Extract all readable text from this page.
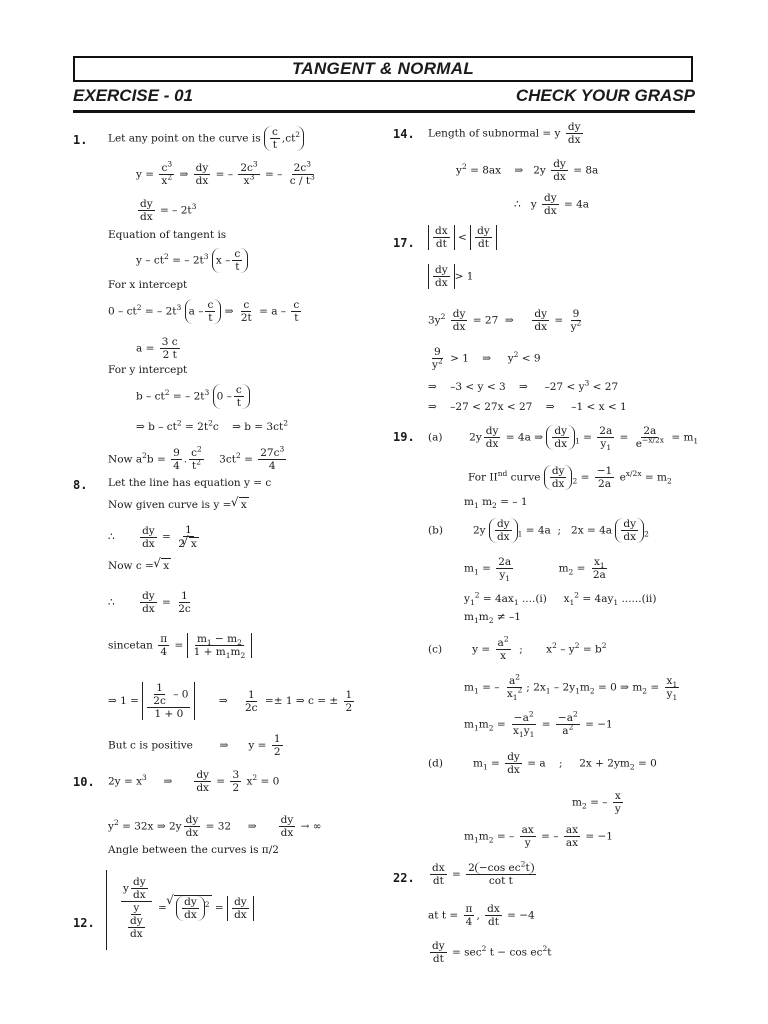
TANGENT & NORMAL
EXERCISE - 01	CHECK YOUR GRASP
1. Let any point on the curve is $\frac{c}{t} ,ct^2$
$y = \frac{c^3}{x^2}$ ⇒ $\frac{dy}{dx}$ = – $\frac{2c^3}{x^3}$ = – $\frac{2c^3}{c / t^3}$
$\frac{dy}{dx}$ = – $2t^3$
Equation of tangent is
y – $ct^2$ = – $2t^3$ x – $\frac{c}{t}$
For x intercept
$0 - ct^2$ = – $2t^3$ a – $\frac{c}{t}$ ⇒ $\frac{c}{2t} = a - \frac{c}{t}$
$a = \frac{3 c}{2 t}$
For y intercept
b – $ct^2$ = – $2t^3$ $0 - \frac{c}{t}$
⇒ $b - ct^2 = 2t^2c$    ⇒ $b = 3ct^2$
Now $a^2b = \frac{9}{4}$ . $\frac{c^2}{t^2} 3ct^2 = \frac{27c^3}{4}$
8. Let the line has equation y = c
Now given curve is y = √ x
∴ $\frac{dy}{dx} = \frac{1}{2 √ x}$
Now c = √ x
∴ $\frac{dy}{dx} = \frac{1}{2c}$
sincetan $\frac{\pi}{4} = \frac{m_1 - m_2}{1 + m_1m_2}$
⇒ $1 = \frac{\frac{1}{2c} - 0}{1 + 0}$ ⇒ $\frac{1}{2c} =\pm 1$ ⇒ c = ± $\frac{1}{2}$
But c is positive        ⇒      $y = \frac{1}{2}$
10. $2y = x^3$     ⇒ $\frac{dy}{dx} = \frac{3}{2} x^2 = 0$
$y^2 = 32x$ ⇒ $2y \frac{dy}{dx} = 32$     ⇒ $\frac{dy}{dx}$ → ∞
Angle between the curves is π/2
12. $\frac{y \frac{dy}{dx}}{\frac{y}{\frac{dy}{dx}}}$ = √ $\frac{dy}{dx} ^2 = \frac{dy}{dx}$
14. Length of subnormal = y $\frac{dy}{dx}$
$y^2 = 8ax$    ⇒   $2y \frac{dy}{dx} = 8a$
∴ y $\frac{dy}{dx} = 4a$
17. $\frac{dx}{dt} < \frac{dy}{dt}$
$\frac{dy}{dx} > 1$
$3y^2 \frac{dy}{dx} = 27$  ⇒ $\frac{dy}{dx} = \frac{9}{y^2}$
$\frac{9}{y^2} > 1$    ⇒     $y^2 < 9$
⇒    –3 < y < 3    ⇒     $-27 < y^3 < 27$
⇒    –27 < 27x < 27    ⇒     –1 < x < 1
19. (a)	$2y \frac{dy}{dx} = 4a$ ⇒ $\frac{dy}{dx} _1 = \frac{2a}{y_1} = \frac{2a}{e^{-x/2x}} = m_1$
For IInd curve $\frac{dy}{dx} _2 = \frac{-1}{2a} e^{x/2x} = m_2$
$m_1$ $m_2$ = – 1
(b)	$2y \frac{dy}{dx} _1 = 4a$ ; $2x = 4a \frac{dy}{dx} _2$
$m_1 = \frac{2a}{y_1}$	$m_2 = \frac{x_1}{2a}$
$y_1^2 = 4ax_1$ ....(i) $x_1^2 = 4ay_1$ ......(ii)
$m_1m_2 \ne -1$
(c)	$y = \frac{a^2}{x}$ ;       $x^2 - y^2 = b^2$
$m_1$ = – $\frac{a^2}{x_1^2}$ ; $2x_1 - 2y_1m_2 = 0$ ⇒ $m_2 = \frac{x_1}{y_1}$
$m_1m_2 = \frac{-a^2}{x_1y_1} = \frac{-a^2}{a^2} = -1$
(d)	$m_1 = \frac{dy}{dx} = a$    ;     $2x + 2ym_2 = 0$
$m_2$ = – $\frac{x}{y}$
$m_1m_2$ = – $\frac{ax}{y}$ = – $\frac{ax}{ax} = -1$
22. $\frac{dx}{dt} = \frac{2 -\cos ec^2t}{\text{cot t}}$
at $t = \frac{\pi}{4}$ , $\frac{dx}{dt} = -4$
$\frac{dy}{dt} = \sec^2 t - \cos ec^2t$
